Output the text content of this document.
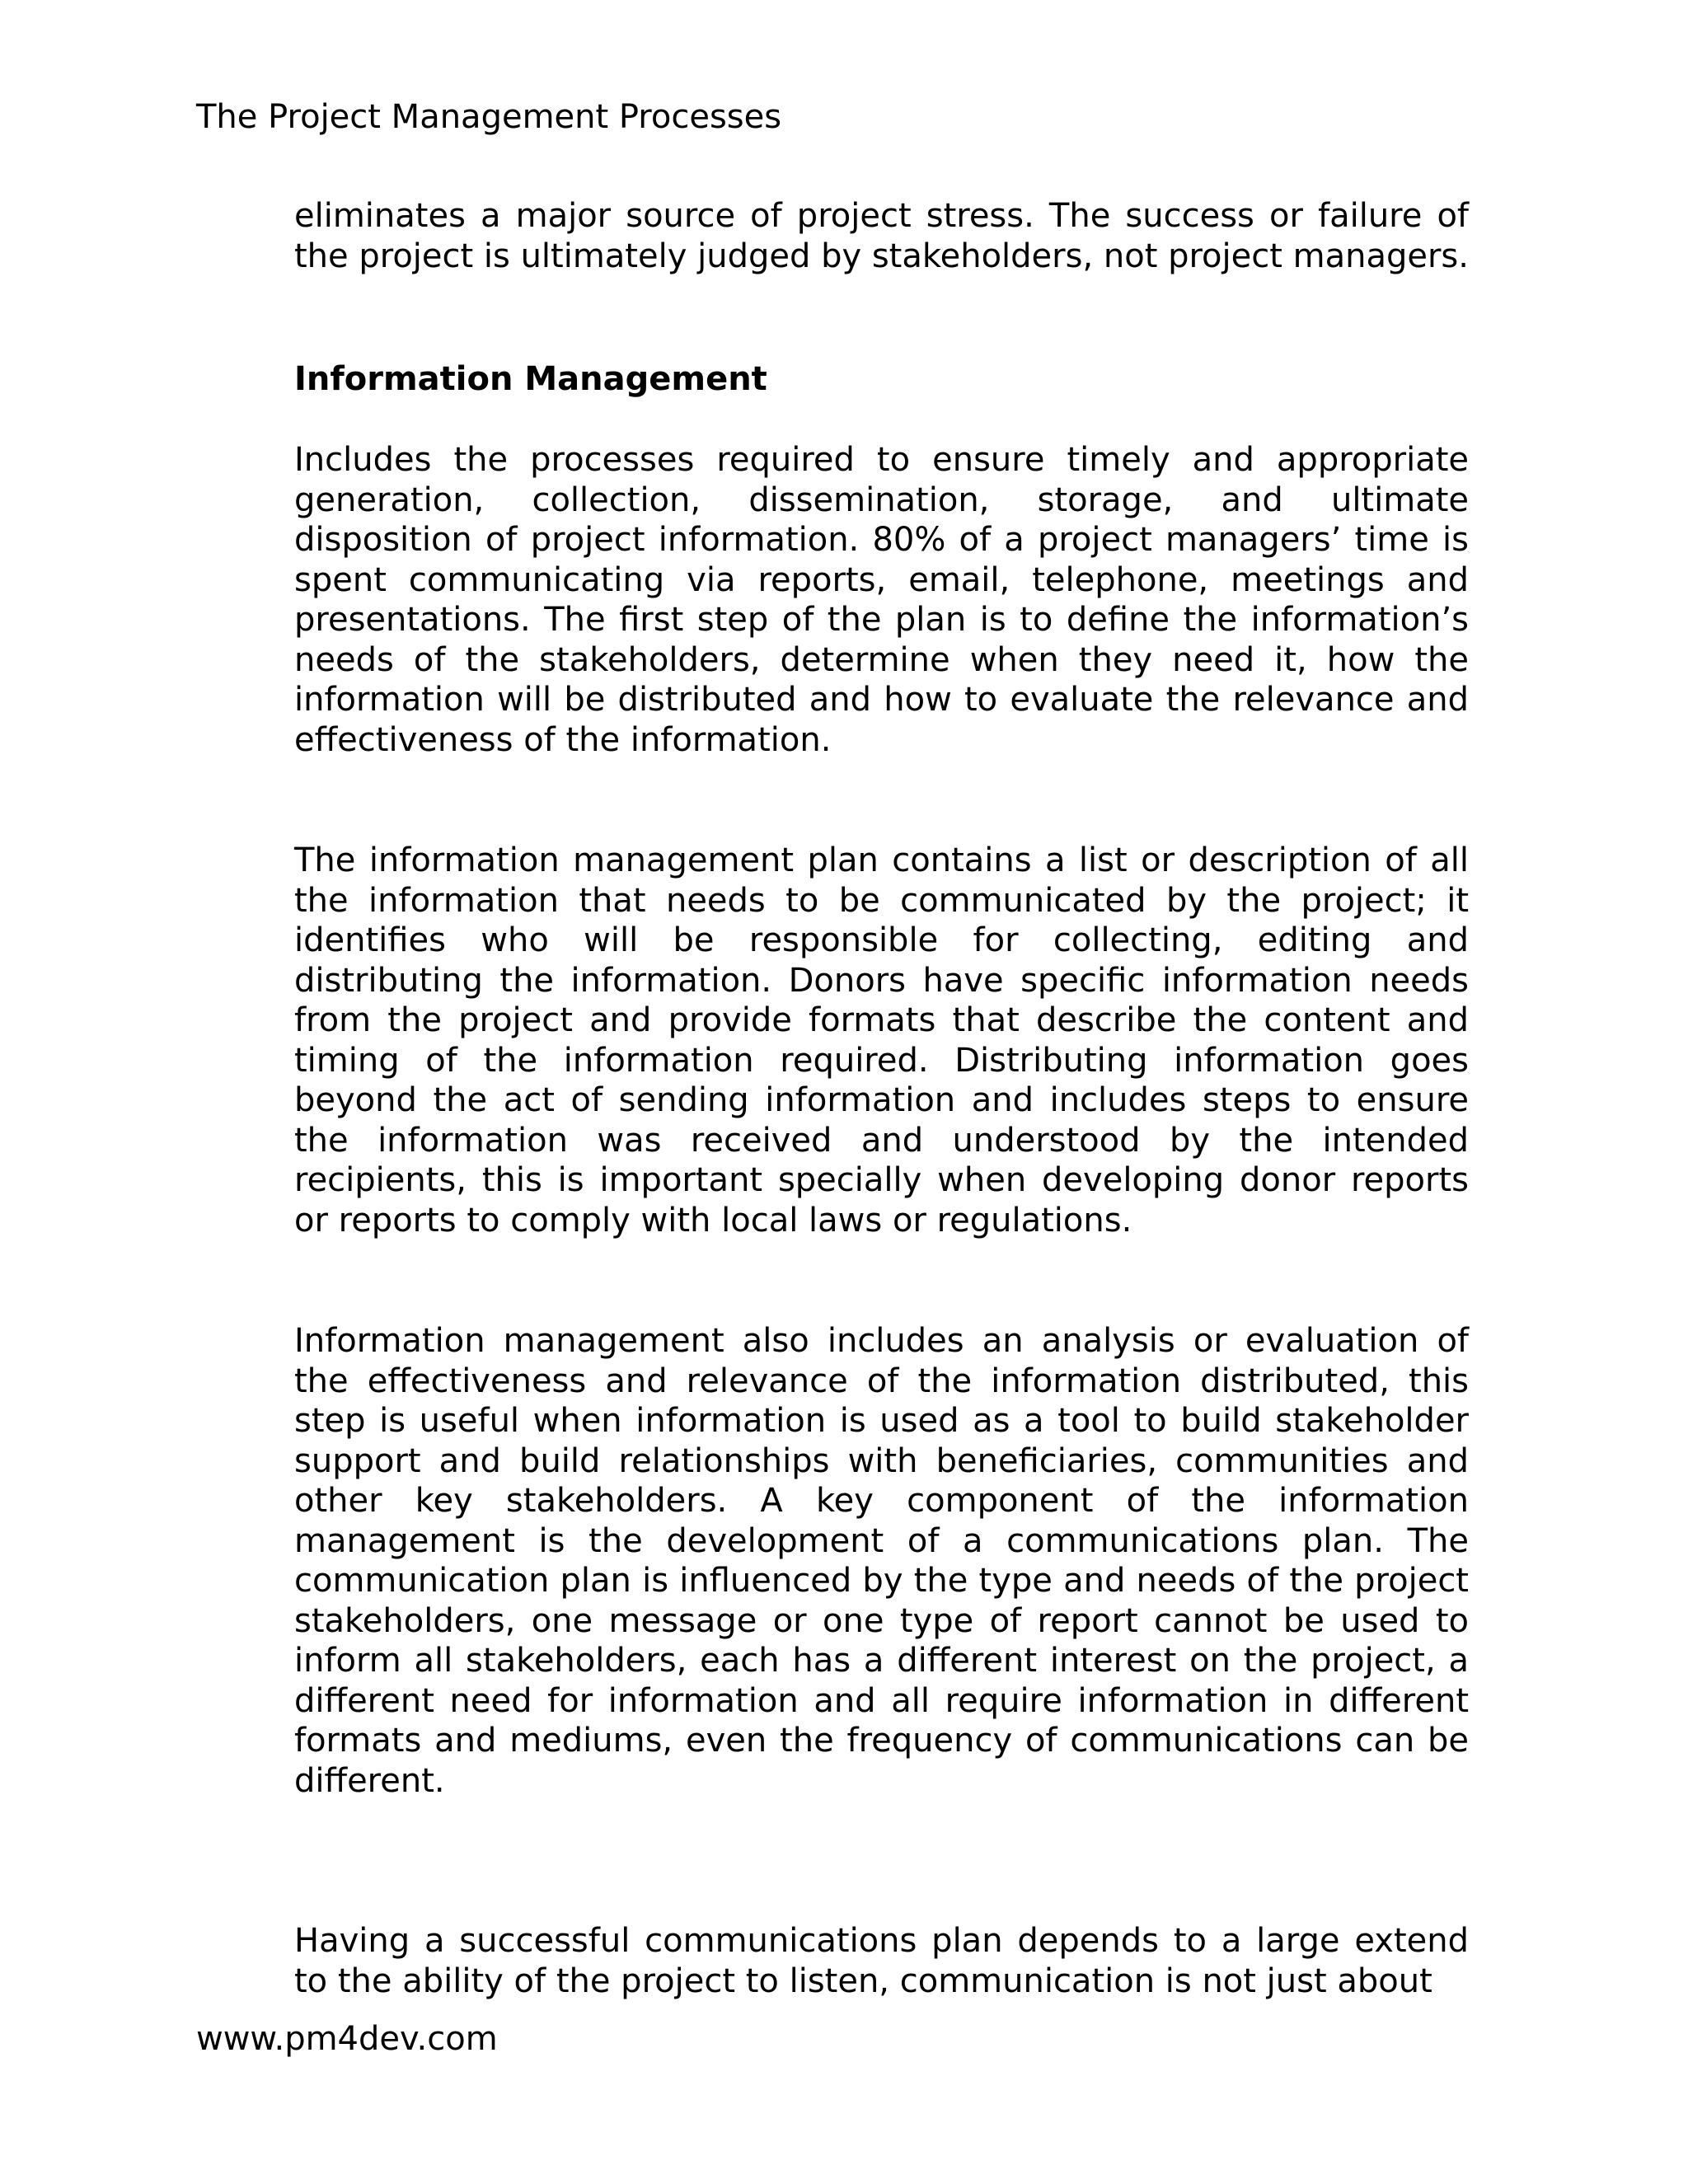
The Project Management Processes

eliminates a major source of project stress. The success or failure of the project is ultimately judged by stakeholders, not project managers.

Information Management

Includes the processes required to ensure timely and appropriate generation, collection, dissemination, storage, and ultimate disposition of project information. 80% of a project managers’ time is spent communicating via reports, email, telephone, meetings and presentations. The first step of the plan is to define the information’s needs of the stakeholders, determine when they need it, how the information will be distributed and how to evaluate the relevance and effectiveness of the information.

The information management plan contains a list or description of all the information that needs to be communicated by the project; it identifies who will be responsible for collecting, editing and distributing the information. Donors have specific information needs from the project and provide formats that describe the content and timing of the information required. Distributing information goes beyond the act of sending information and includes steps to ensure the information was received and understood by the intended recipients, this is important specially when developing donor reports or reports to comply with local laws or regulations.

Information management also includes an analysis or evaluation of the effectiveness and relevance of the information distributed, this step is useful when information is used as a tool to build stakeholder support and build relationships with beneficiaries, communities and other key stakeholders. A key component of the information management is the development of a communications plan. The communication plan is influenced by the type and needs of the project stakeholders, one message or one type of report cannot be used to inform all stakeholders, each has a different interest on the project, a different need for information and all require information in different formats and mediums, even the frequency of communications can be different.

Having a successful communications plan depends to a large extend to the ability of the project to listen, communication is not just about

www.pm4dev.com
